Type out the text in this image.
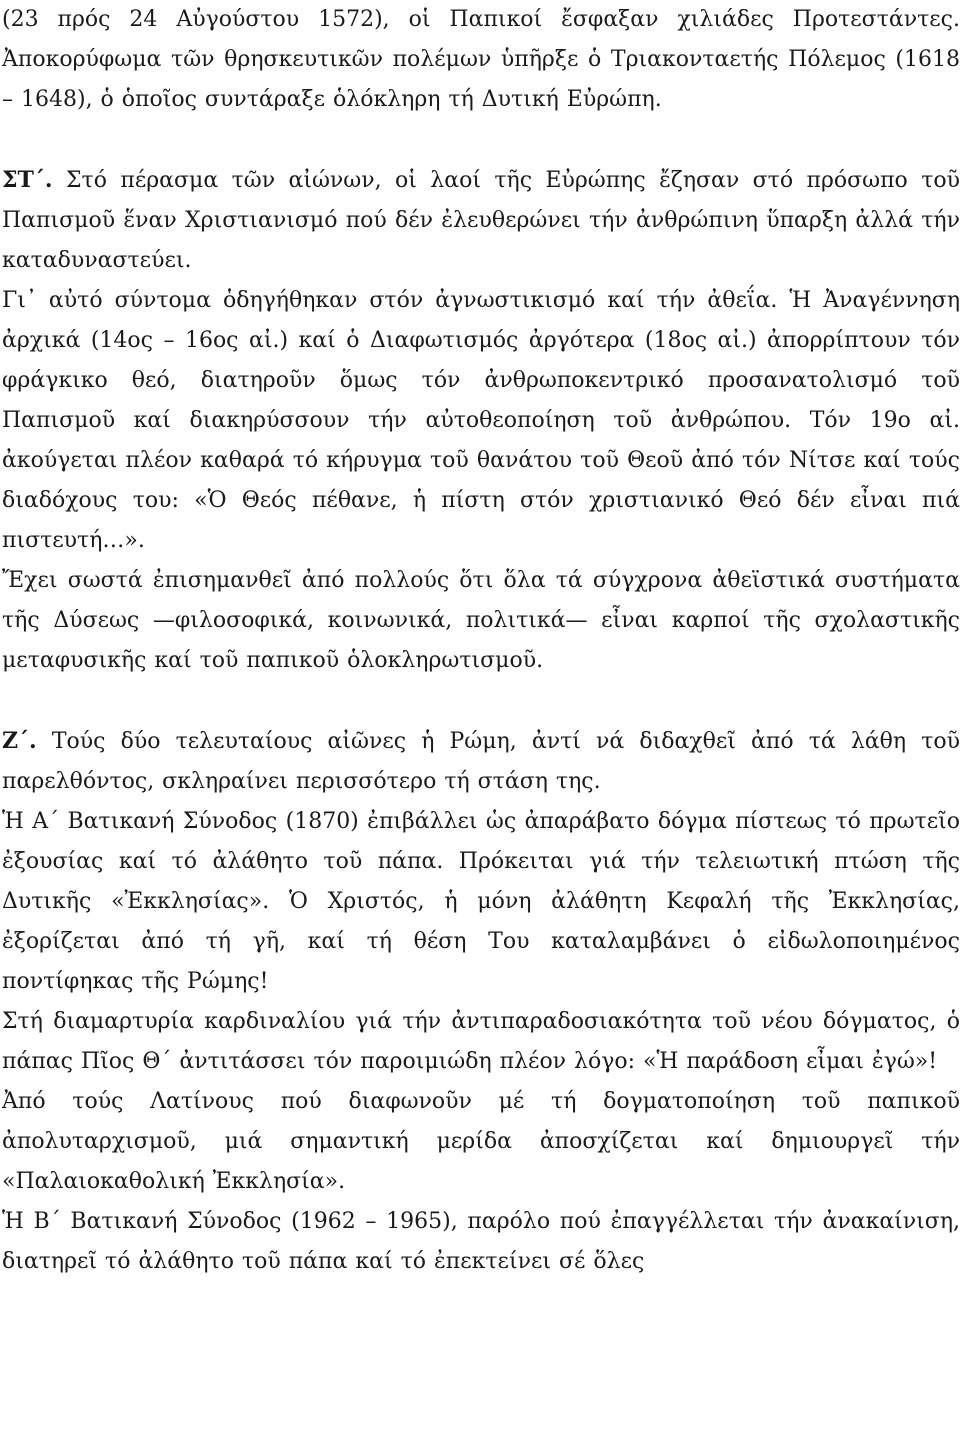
(23 πρός 24 Αὐγούστου 1572), οἱ Παπικοί ἔσφαξαν χιλιάδες Προτεστάντες. Ἀποκορύφωμα τῶν θρησκευτικῶν πολέμων ὑπῆρξε ὁ Τριακονταετής Πόλεμος (1618 – 1648), ὁ ὁποῖος συντάραξε ὁλόκληρη τή Δυτική Εὐρώπη.

ΣΤ΄. Στό πέρασμα τῶν αἰώνων, οἱ λαοί τῆς Εὐρώπης ἔζησαν στό πρόσωπο τοῦ Παπισμοῦ ἕναν Χριστιανισμό πού δέν ἐλευθερώνει τήν ἀνθρώπινη ὕπαρξη ἀλλά τήν καταδυναστεύει.

Γι᾽ αὐτό σύντομα ὁδηγήθηκαν στόν ἀγνωστικισμό καί τήν ἀθεΐα. Ἡ Ἀναγέννηση ἀρχικά (14ος – 16ος αἰ.) καί ὁ Διαφωτισμός ἀργότερα (18ος αἰ.) ἀπορρίπτουν τόν φράγκικο θεό, διατηροῦν ὅμως τόν ἀνθρωποκεντρικό προσανατολισμό τοῦ Παπισμοῦ καί διακηρύσσουν τήν αὐτοθεοποίηση τοῦ ἀνθρώπου. Τόν 19ο αἰ. ἀκούγεται πλέον καθαρά τό κήρυγμα τοῦ θανάτου τοῦ Θεοῦ ἀπό τόν Νίτσε καί τούς διαδόχους του: «Ὁ Θεός πέθανε, ἡ πίστη στόν χριστιανικό Θεό δέν εἶναι πιά πιστευτή…».

Ἔχει σωστά ἐπισημανθεῖ ἀπό πολλούς ὅτι ὅλα τά σύγχρονα ἀθεϊστικά συστήματα τῆς Δύσεως —φιλοσοφικά, κοινωνικά, πολιτικά— εἶναι καρποί τῆς σχολαστικῆς μεταφυσικῆς καί τοῦ παπικοῦ ὁλοκληρωτισμοῦ.

Ζ΄. Τούς δύο τελευταίους αἰῶνες ἡ Ρώμη, ἀντί νά διδαχθεῖ ἀπό τά λάθη τοῦ παρελθόντος, σκληραίνει περισσότερο τή στάση της.

Ἡ Α΄ Βατικανή Σύνοδος (1870) ἐπιβάλλει ὡς ἀπαράβατο δόγμα πίστεως τό πρωτεῖο ἐξουσίας καί τό ἀλάθητο τοῦ πάπα. Πρόκειται γιά τήν τελειωτική πτώση τῆς Δυτικῆς «Ἐκκλησίας». Ὁ Χριστός, ἡ μόνη ἀλάθητη Κεφαλή τῆς Ἐκκλησίας, ἐξορίζεται ἀπό τή γῆ, καί τή θέση Του καταλαμβάνει ὁ εἰδωλοποιημένος ποντίφηκας τῆς Ρώμης!

Στή διαμαρτυρία καρδιναλίου γιά τήν ἀντιπαραδοσιακότητα τοῦ νέου δόγματος, ὁ πάπας Πῖος Θ΄ ἀντιτάσσει τόν παροιμιώδη πλέον λόγο: «Ἡ παράδοση εἶμαι ἐγώ»!

Ἀπό τούς Λατίνους πού διαφωνοῦν μέ τή δογματοποίηση τοῦ παπικοῦ ἀπολυταρχισμοῦ, μιά σημαντική μερίδα ἀποσχίζεται καί δημιουργεῖ τήν «Παλαιοκαθολική Ἐκκλησία».

Ἡ Β΄ Βατικανή Σύνοδος (1962 – 1965), παρόλο πού ἐπαγγέλλεται τήν ἀνακαίνιση, διατηρεῖ τό ἀλάθητο τοῦ πάπα καί τό ἐπεκτείνει σέ ὅλες
